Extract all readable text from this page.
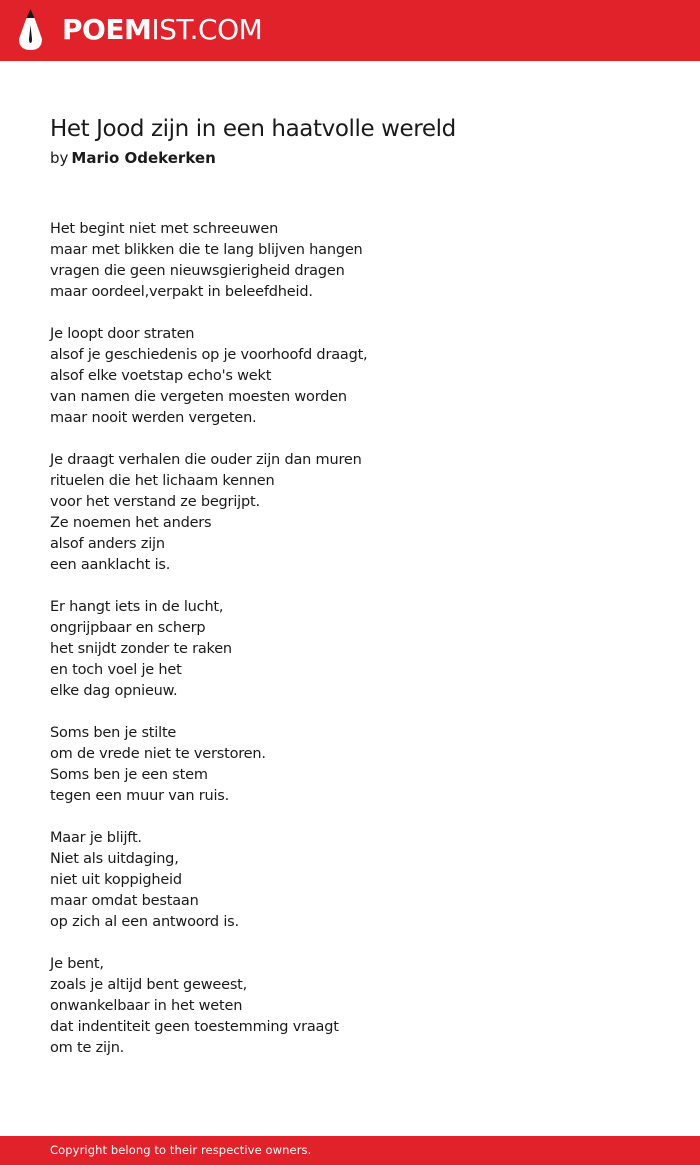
POEMIST.COM
Het Jood zijn in een haatvolle wereld
by Mario Odekerken
Het begint niet met schreeuwen
maar met blikken die te lang blijven hangen
vragen die geen nieuwsgierigheid dragen
maar oordeel,verpakt in beleefdheid.
Je loopt door straten
alsof je geschiedenis op je voorhoofd draagt,
alsof elke voetstap echo's wekt
van namen die vergeten moesten worden
maar nooit werden vergeten.
Je draagt verhalen die ouder zijn dan muren
rituelen die het lichaam kennen
voor het verstand ze begrijpt.
Ze noemen het anders
alsof anders zijn
een aanklacht is.
Er hangt iets in de lucht,
ongrijpbaar en scherp
het snijdt zonder te raken
en toch voel je het
elke dag opnieuw.
Soms ben je stilte
om de vrede niet te verstoren.
Soms ben je een stem
tegen een muur van ruis.
Maar je blijft.
Niet als uitdaging,
niet uit koppigheid
maar omdat bestaan
op zich al een antwoord is.
Je bent,
zoals je altijd bent geweest,
onwankelbaar in het weten
dat indentiteit geen toestemming vraagt
om te zijn.
Copyright belong to their respective owners.
